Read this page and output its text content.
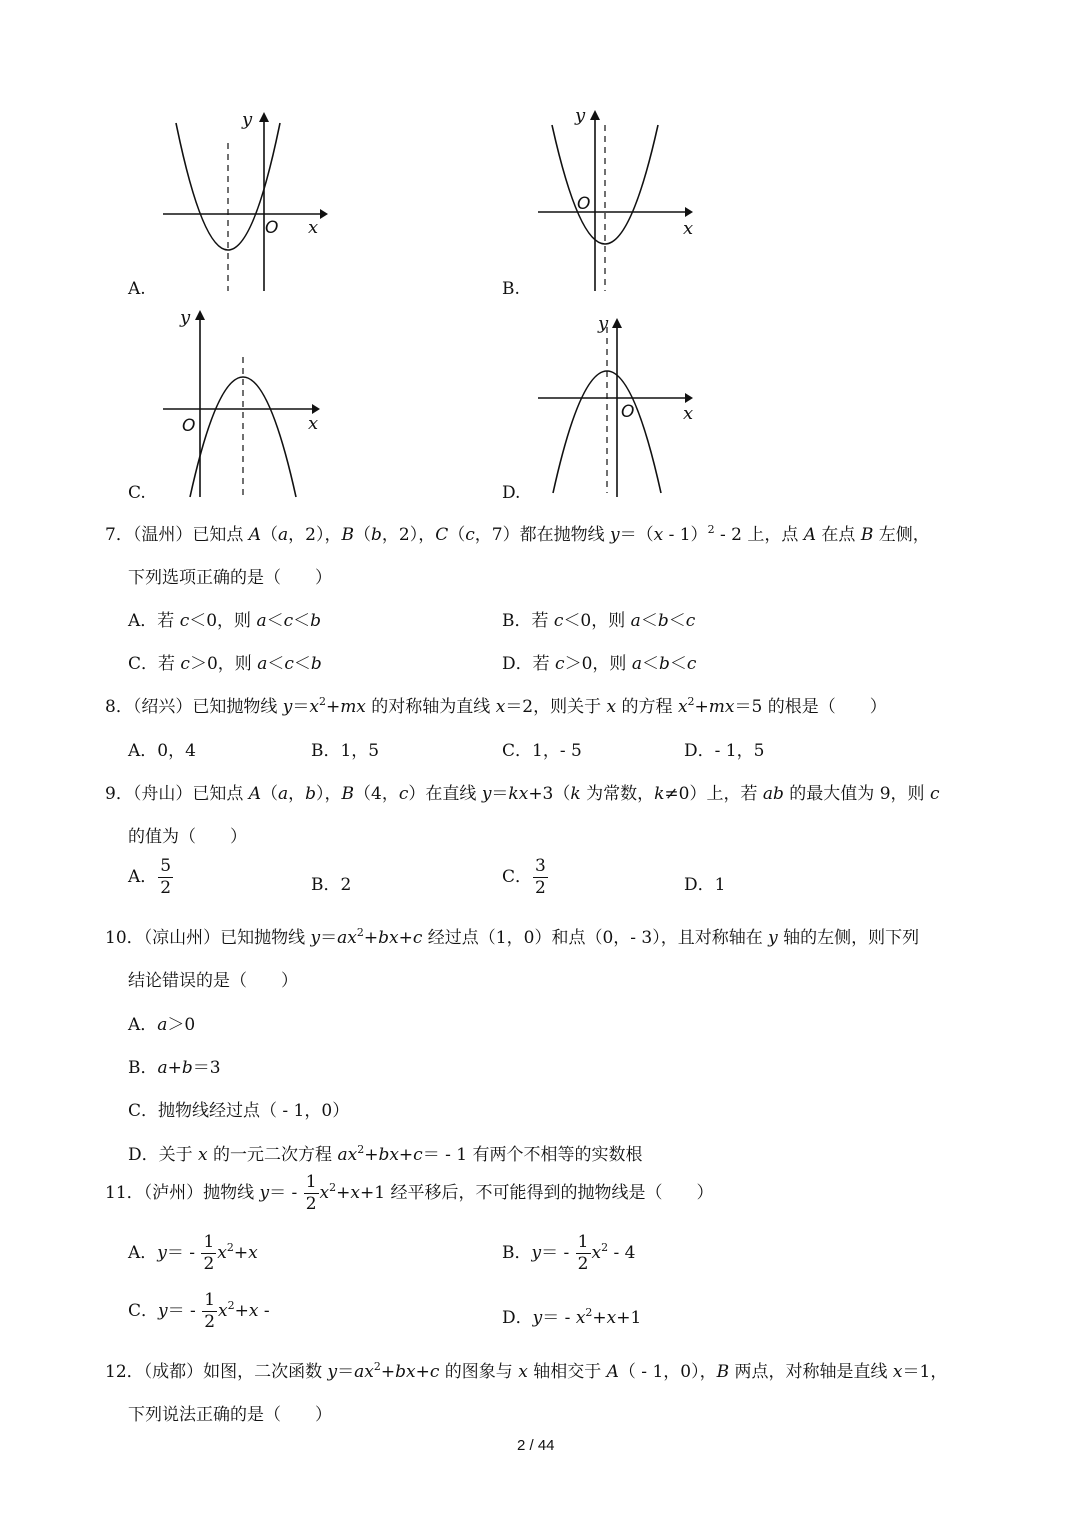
y
x
O
A.
y
x
O
B.
y
x
O
C.
y
x
O
D.
7．（温州）已知点 A（a，2），B（b，2），C（c，7）都在抛物线 y＝（x - 1）$^2$ - 2 上，点 A 在点 B 左侧，
下列选项正确的是（　　）
A．若 c＜0，则 a＜c＜b	B．若 c＜0，则 a＜b＜c
C．若 c＞0，则 a＜c＜b	D．若 c＞0，则 a＜b＜c
8．（绍兴）已知抛物线 $y=x^2+mx$ 的对称轴为直线 x＝2，则关于 x 的方程 $x^2+mx=5$ 的根是（　　）
A．0，4	B．1，5	C．1，- 5	D．- 1，5
9．（舟山）已知点 A（a，b），B（4，c）在直线 y＝kx+3（k 为常数，k≠0）上，若 ab 的最大值为 9，则 c
的值为（　　）
A． $\frac{5}{2}$	B．2	C． $\frac{3}{2}$	D．1
10．（凉山州）已知抛物线 $y=ax^2+bx+c$ 经过点（1，0）和点（0，- 3），且对称轴在 y 轴的左侧，则下列
结论错误的是（　　）
A．a＞0
B．a+b＝3
C．抛物线经过点（ - 1，0）
D．关于 x 的一元二次方程 $ax^2+bx+c= - 1$ 有两个不相等的实数根
11．（泸州）抛物线 $y= - \frac{1}{2} x^2+x+1$ 经平移后，不可能得到的抛物线是（　　）
A．$y= - \frac{1}{2} x^2+x$	B．$y= - \frac{1}{2} x^2 - 4$
C．$y= - \frac{1}{2} x^2+x$ -	D．$y= - x^2+x+1$
12．（成都）如图，二次函数 $y=ax^2+bx+c$ 的图象与 x 轴相交于 A（ - 1，0），B 两点，对称轴是直线 x＝1，
下列说法正确的是（　　）
2 / 44
